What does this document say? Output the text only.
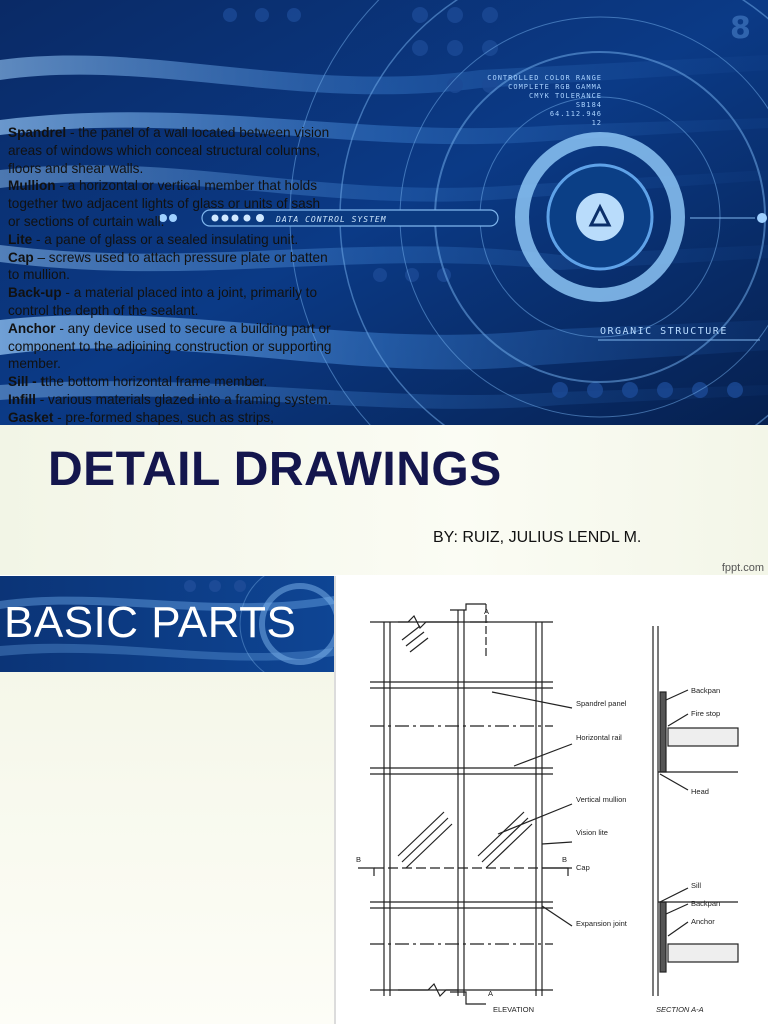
DATA CONTROL SYSTEM
CONTROLLED COLOR RANGE
COMPLETE RGB GAMMA
CMYK TOLERANCE
SB184
64.112.946
12
ORGANIC STRUCTURE
8
DETAIL DRAWINGS
BY: RUIZ, JULIUS LENDL M.
fppt.com
BASIC PARTS
Spandrel panel
Horizontal rail
Vertical mullion
Vision lite
Cap
Expansion joint
A
A
B	B
Backpan
Fire stop
Head
Sill
Backpan
Anchor
ELEVATION	SECTION A-A

Spandrel - the panel of a wall located between vision areas of windows which conceal structural columns, floors and shear walls.

Mullion - a horizontal or vertical member that holds together two adjacent lights of glass or units of sash or sections of curtain wall.

Lite - a pane of glass or a sealed insulating unit.

Cap – screws used to attach pressure plate or batten to mullion.

Back-up - a material placed into a joint, primarily to control the depth of the sealant.

Anchor - any device used to secure a building part or component to the adjoining construction or supporting member.

Sill - tthe bottom horizontal frame member.

Infill - various materials glazed into a framing system.

Gasket - pre-formed shapes, such as strips,
